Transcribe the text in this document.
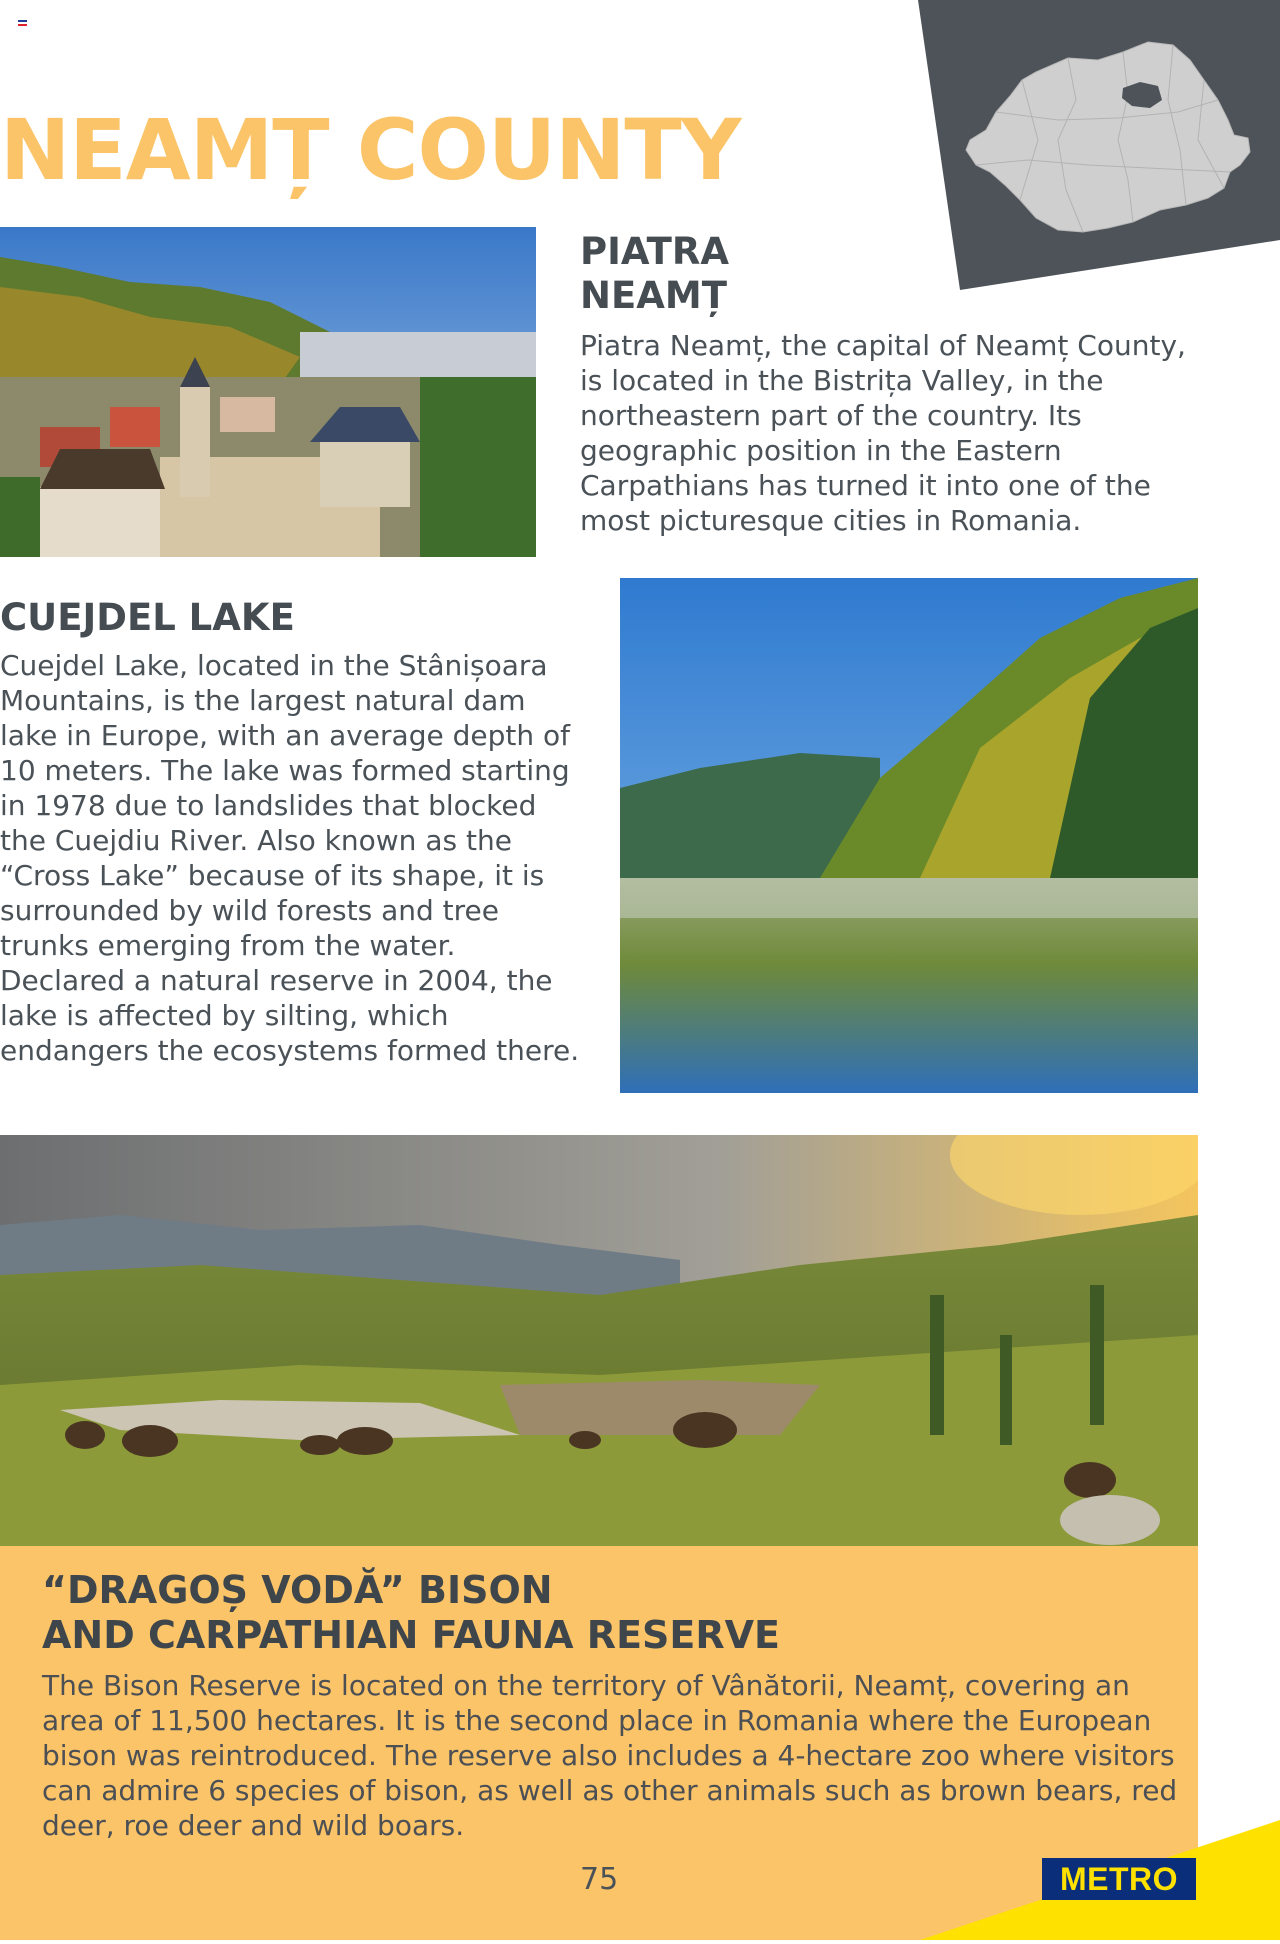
NEAMȚ COUNTY
PIATRA
NEAMȚ
Piatra Neamț, the capital of Neamț County, is located in the Bistrița Valley, in the northeastern part of the country. Its geographic position in the Eastern Carpathians has turned it into one of the most picturesque cities in Romania.
CUEJDEL LAKE
Cuejdel Lake, located in the Stânișoara Mountains, is the largest natural dam lake in Europe, with an average depth of 10 meters. The lake was formed starting in 1978 due to landslides that blocked the Cuejdiu River. Also known as the “Cross Lake” because of its shape, it is surrounded by wild forests and tree trunks emerging from the water. Declared a natural reserve in 2004, the lake is affected by silting, which endangers the ecosystems formed there.
“DRAGOȘ VODĂ” BISON
AND CARPATHIAN FAUNA RESERVE
The Bison Reserve is located on the territory of Vânătorii, Neamț, covering an area of 11,500 hectares. It is the second place in Romania where the European bison was reintroduced. The reserve also includes a 4-hectare zoo where visitors can admire 6 species of bison, as well as other animals such as brown bears, red deer, roe deer and wild boars.
75	METRO
